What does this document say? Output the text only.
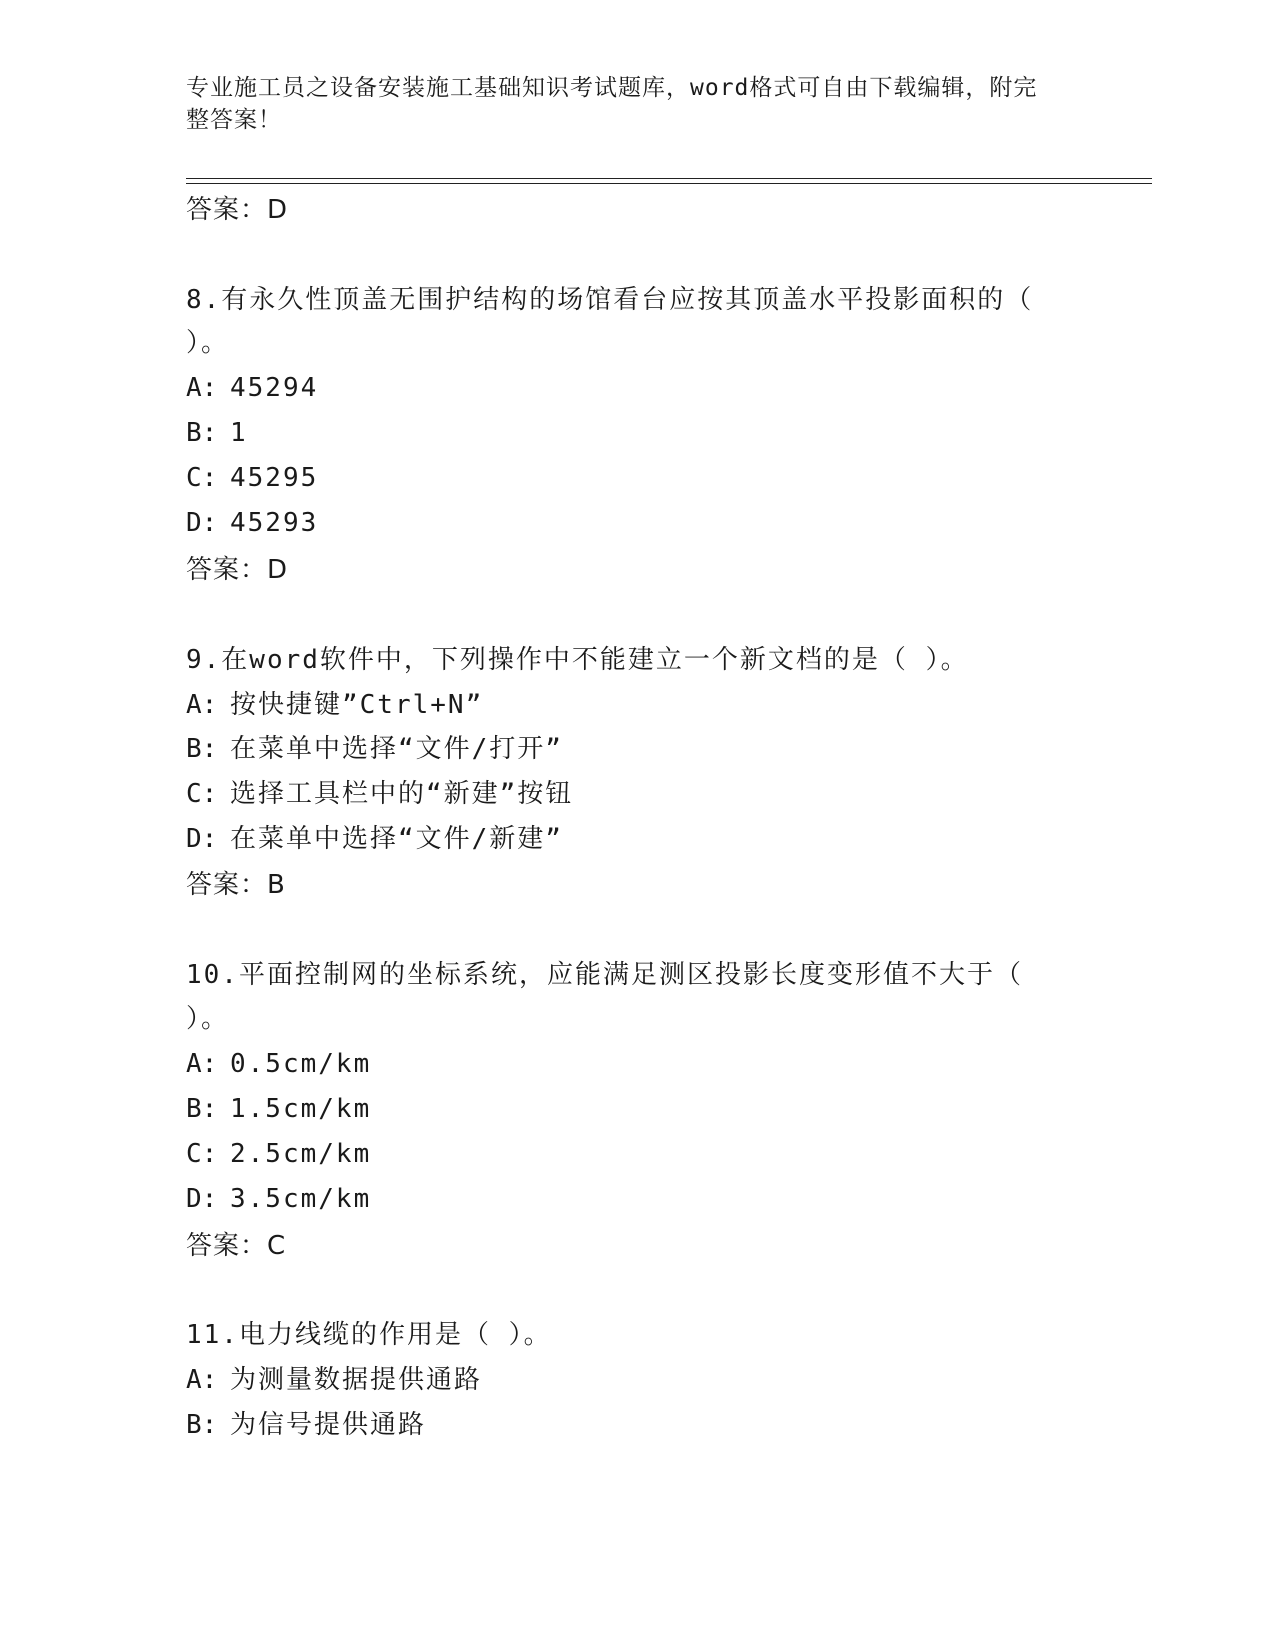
专业施工员之设备安装施工基础知识考试题库，word格式可自由下载编辑，附完整答案！
答案：D
8.有永久性顶盖无围护结构的场馆看台应按其顶盖水平投影面积的（
）。
A: 45294
B: 1
C: 45295
D: 45293
答案：D
9.在word软件中，下列操作中不能建立一个新文档的是（ ）。
A: 按快捷键”Ctrl+N”
B: 在菜单中选择“文件/打开”
C: 选择工具栏中的“新建”按钮
D: 在菜单中选择“文件/新建”
答案：B
10.平面控制网的坐标系统，应能满足测区投影长度变形值不大于（
）。
A: 0.5cm/km
B: 1.5cm/km
C: 2.5cm/km
D: 3.5cm/km
答案：C
11.电力线缆的作用是（ ）。
A: 为测量数据提供通路
B: 为信号提供通路
